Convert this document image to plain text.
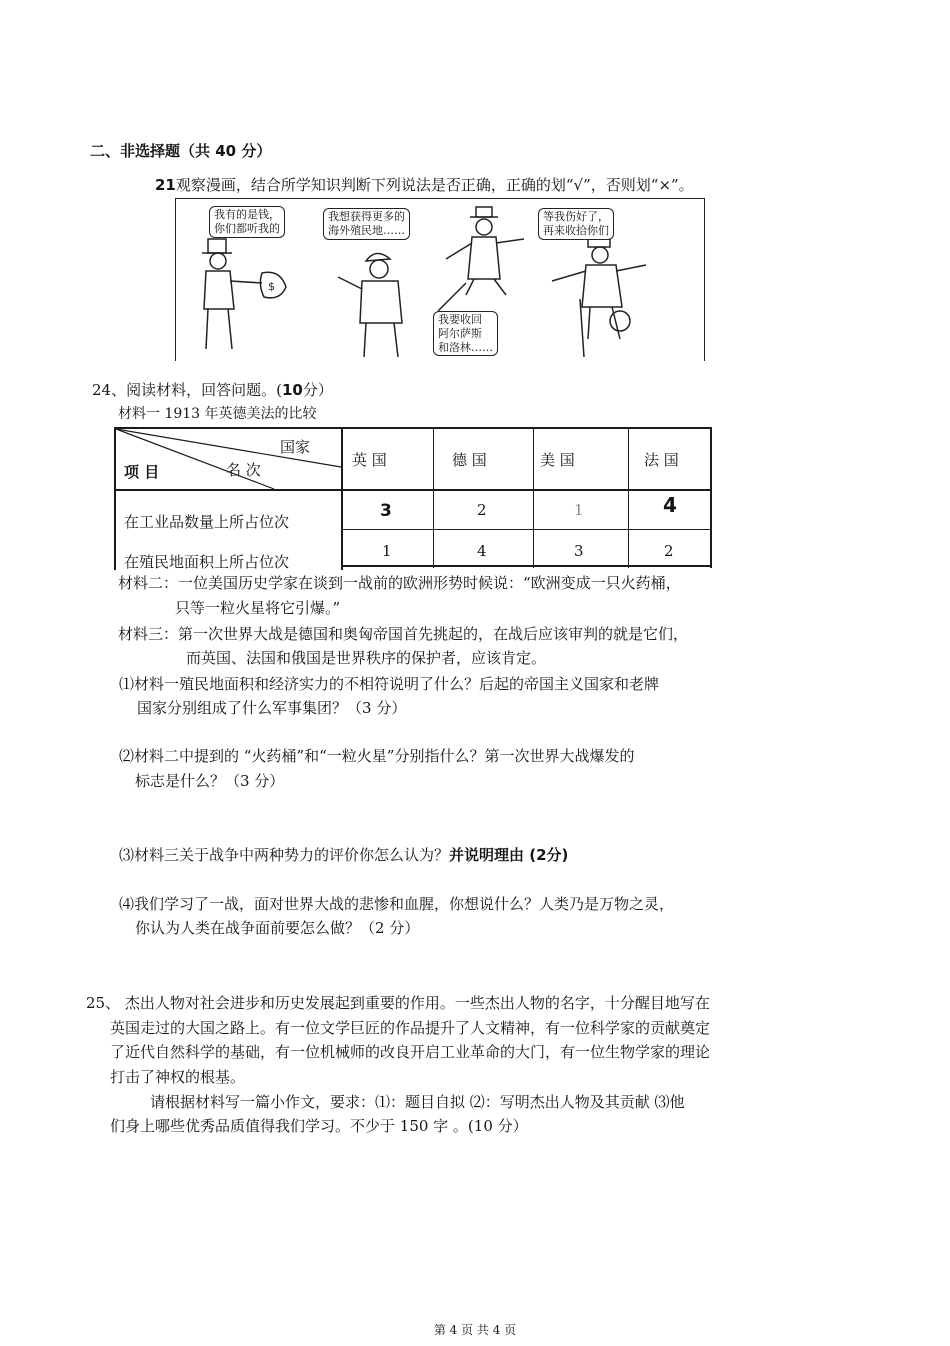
二、非选择题（共 40 分）
21观察漫画，结合所学知识判断下列说法是否正确，正确的划“√”，否则划“×”。
$
我有的是钱，
你们都听我的
我想获得更多的
海外殖民地……
我要收回
阿尔萨斯
和洛林……
等我伤好了，
再来收拾你们
24、阅读材料，回答问题。(10分）
材料一 1913 年英德美法的比较
国家
名 次
项 目
英 国	德 国	美 国	法 国
在工业品数量上所占位次
3	2	1	4
在殖民地面积上所占位次
1	4	3	2
材料二：一位美国历史学家在谈到一战前的欧洲形势时候说：“欧洲变成一只火药桶，
只等一粒火星将它引爆。”
材料三：第一次世界大战是德国和奥匈帝国首先挑起的，在战后应该审判的就是它们，
而英国、法国和俄国是世界秩序的保护者，应该肯定。
⑴材料一殖民地面积和经济实力的不相符说明了什么？后起的帝国主义国家和老牌
国家分别组成了什么军事集团？（3 分）
⑵材料二中提到的 “火药桶”和“一粒火星”分别指什么？第一次世界大战爆发的
标志是什么？（3 分）
⑶材料三关于战争中两种势力的评价你怎么认为？并说明理由 (2分)
⑷我们学习了一战，面对世界大战的悲惨和血腥，你想说什么？人类乃是万物之灵，
你认为人类在战争面前要怎么做？（2 分）
25、 杰出人物对社会进步和历史发展起到重要的作用。一些杰出人物的名字，十分醒目地写在
英国走过的大国之路上。有一位文学巨匠的作品提升了人文精神，有一位科学家的贡献奠定
了近代自然科学的基础，有一位机械师的改良开启工业革命的大门，有一位生物学家的理论
打击了神权的根基。
请根据材料写一篇小作文，要求：⑴：题目自拟 ⑵：写明杰出人物及其贡献 ⑶他
们身上哪些优秀品质值得我们学习。不少于 150 字 。(10 分）
第 4 页 共 4 页
